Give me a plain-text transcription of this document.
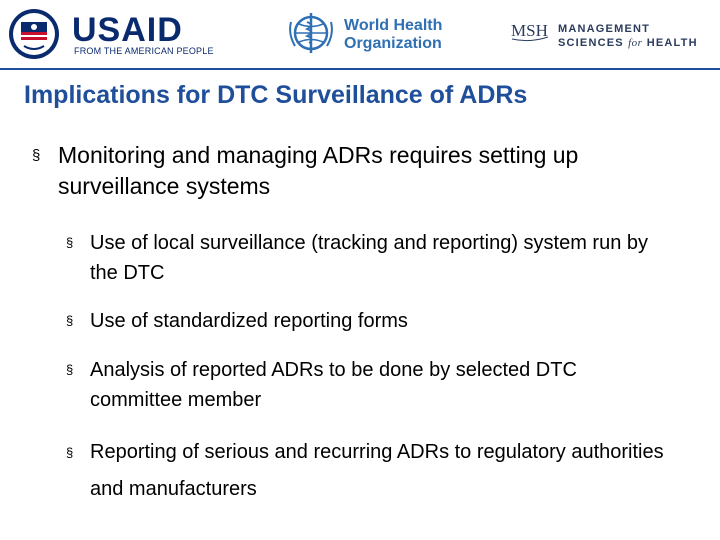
USAID
FROM THE AMERICAN PEOPLE
World Health
Organization
MSH MANAGEMENT
SCIENCES for HEALTH
Implications for DTC Surveillance of ADRs
§ Monitoring and managing ADRs requires setting up surveillance systems
§ Use of local surveillance (tracking and reporting) system run by the DTC
§ Use of standardized reporting forms
§ Analysis of reported ADRs to be done by selected DTC committee member
§ Reporting of serious and recurring ADRs to regulatory authorities and manufacturers
